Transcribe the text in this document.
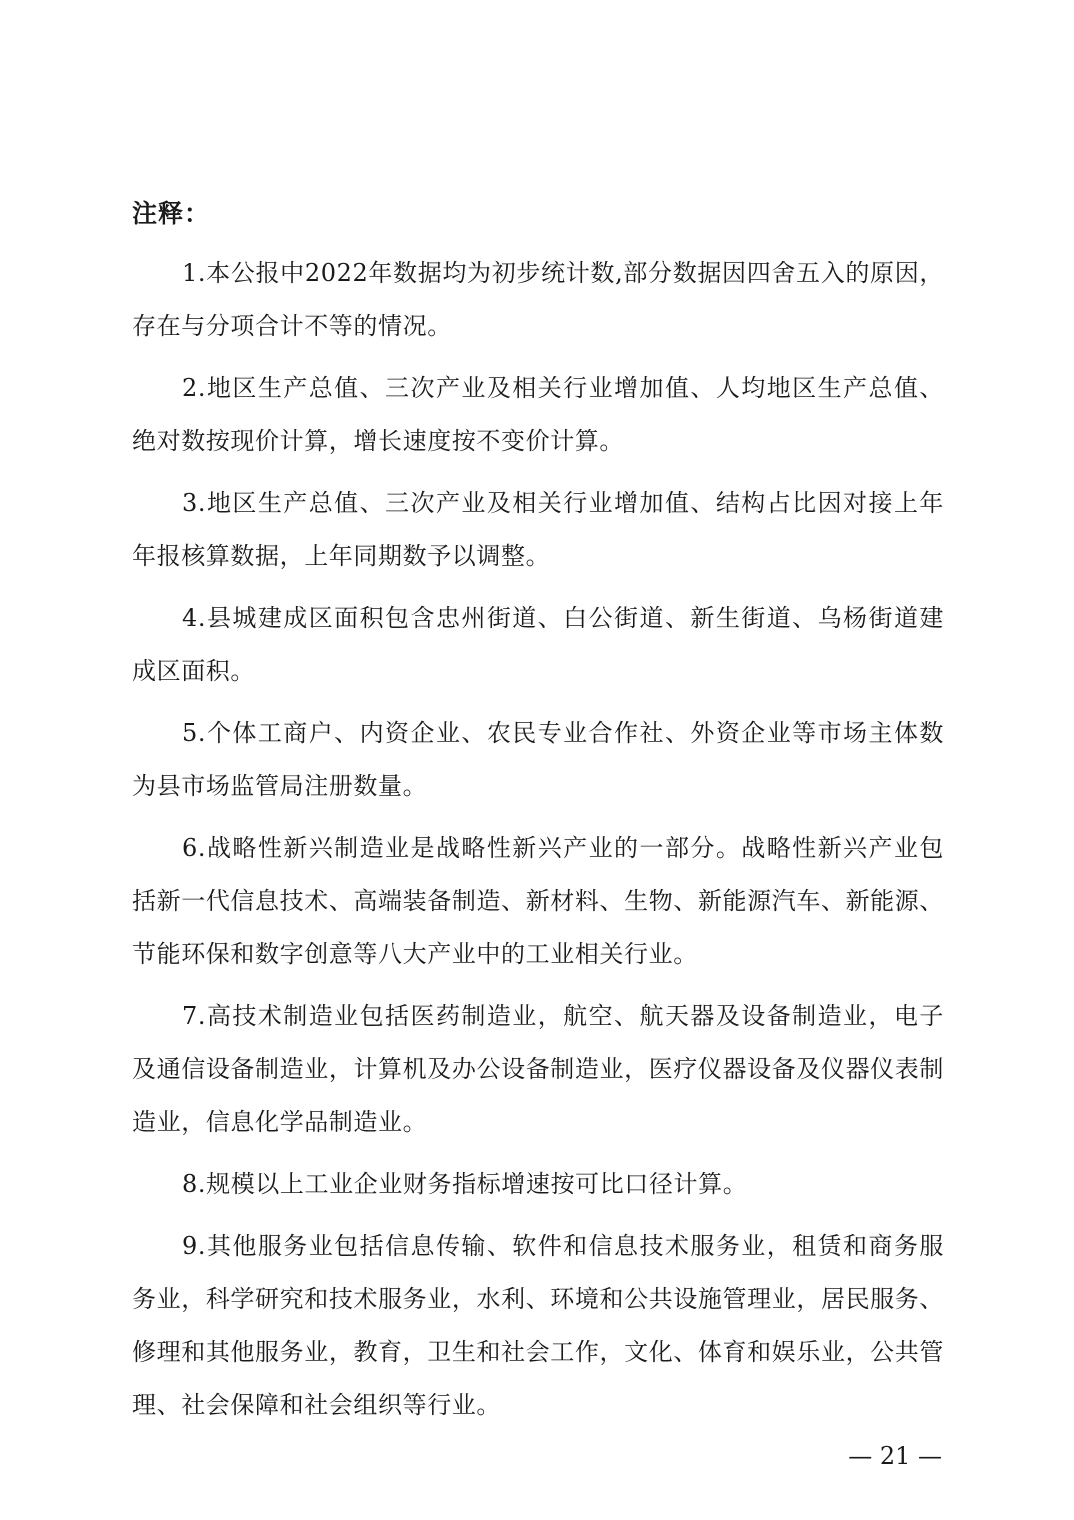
注释：

1.本公报中2022年数据均为初步统计数,部分数据因四舍五入的原因，存在与分项合计不等的情况。

2.地区生产总值、三次产业及相关行业增加值、人均地区生产总值、绝对数按现价计算，增长速度按不变价计算。

3.地区生产总值、三次产业及相关行业增加值、结构占比因对接上年年报核算数据，上年同期数予以调整。

4.县城建成区面积包含忠州街道、白公街道、新生街道、乌杨街道建成区面积。

5.个体工商户、内资企业、农民专业合作社、外资企业等市场主体数为县市场监管局注册数量。

6.战略性新兴制造业是战略性新兴产业的一部分。战略性新兴产业包括新一代信息技术、高端装备制造、新材料、生物、新能源汽车、新能源、节能环保和数字创意等八大产业中的工业相关行业。

7.高技术制造业包括医药制造业，航空、航天器及设备制造业，电子及通信设备制造业，计算机及办公设备制造业，医疗仪器设备及仪器仪表制造业，信息化学品制造业。

8.规模以上工业企业财务指标增速按可比口径计算。

9.其他服务业包括信息传输、软件和信息技术服务业，租赁和商务服务业，科学研究和技术服务业，水利、环境和公共设施管理业，居民服务、修理和其他服务业，教育，卫生和社会工作，文化、体育和娱乐业，公共管理、社会保障和社会组织等行业。

— 21 —
